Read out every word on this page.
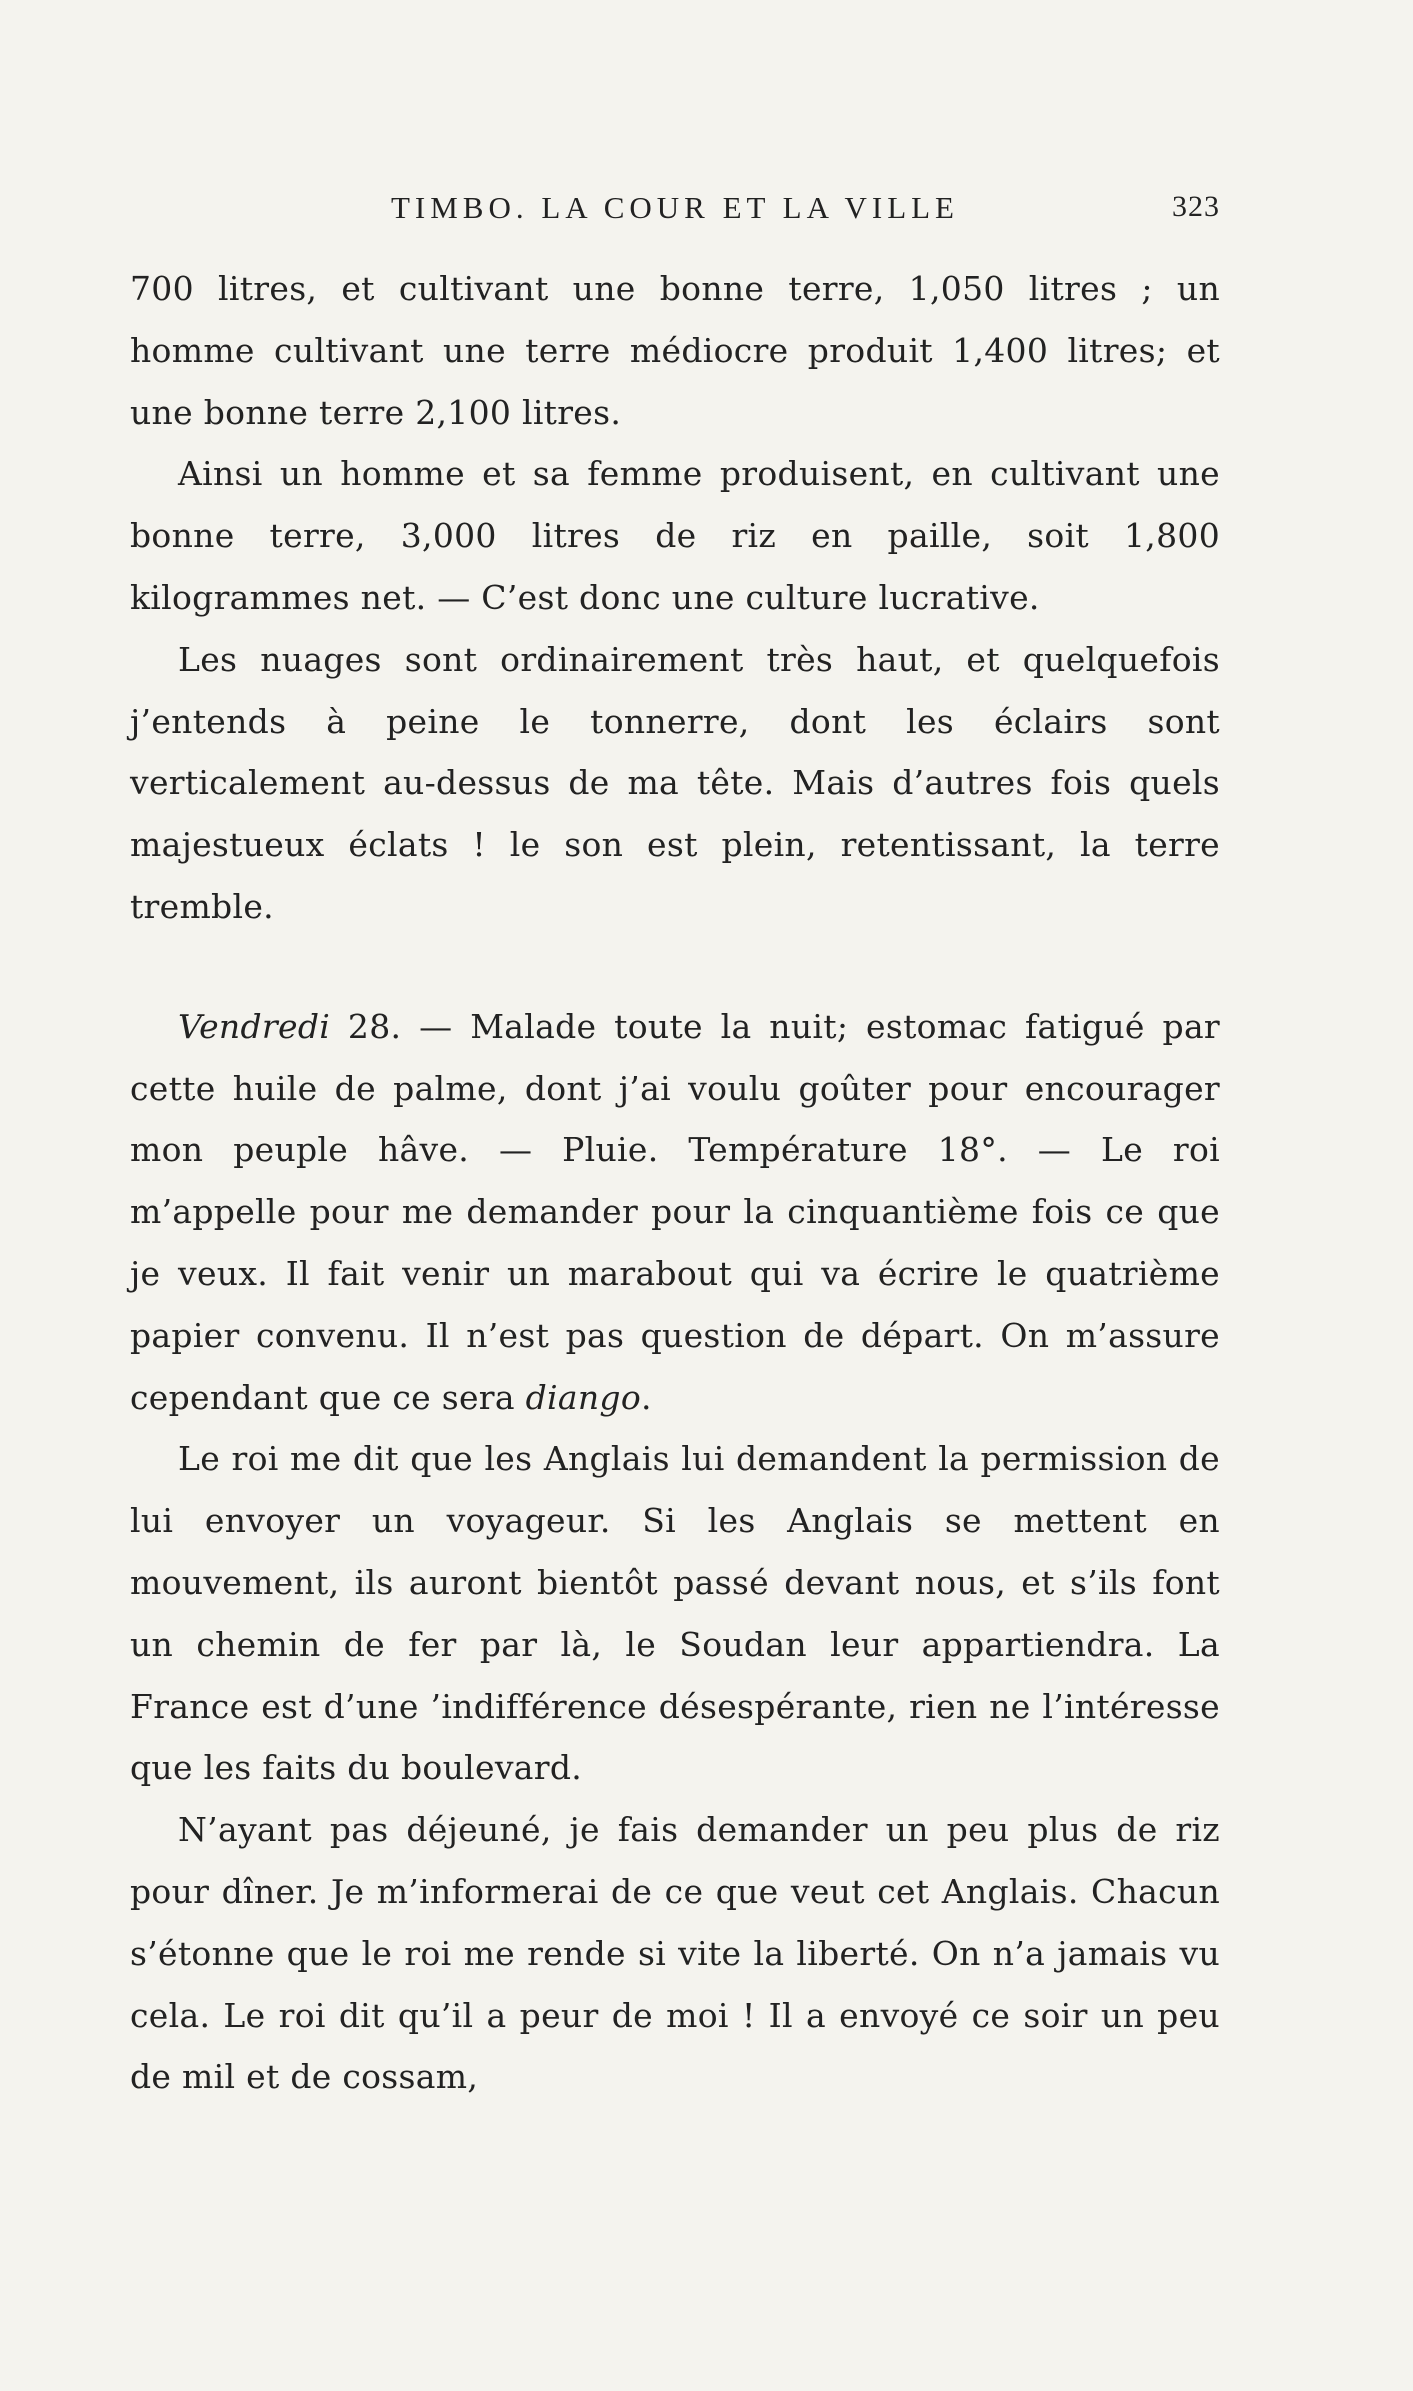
TIMBO. LA COUR ET LA VILLE	323

700 litres, et cultivant une bonne terre, 1,050 litres ; un homme cultivant une terre médiocre produit 1,400 litres; et une bonne terre 2,100 litres.

Ainsi un homme et sa femme produisent, en cultivant une bonne terre, 3,000 litres de riz en paille, soit 1,800 kilogrammes net. — C’est donc une culture lucrative.

Les nuages sont ordinairement très haut, et quelquefois j’entends à peine le tonnerre, dont les éclairs sont verticalement au-dessus de ma tête. Mais d’autres fois quels majestueux éclats ! le son est plein, retentissant, la terre tremble.

Vendredi 28. — Malade toute la nuit; estomac fatigué par cette huile de palme, dont j’ai voulu goûter pour encourager mon peuple hâve. — Pluie. Température 18°. — Le roi m’appelle pour me demander pour la cinquantième fois ce que je veux. Il fait venir un marabout qui va écrire le quatrième papier convenu. Il n’est pas question de départ. On m’assure cependant que ce sera diango.

Le roi me dit que les Anglais lui demandent la permission de lui envoyer un voyageur. Si les Anglais se mettent en mouvement, ils auront bientôt passé devant nous, et s’ils font un chemin de fer par là, le Soudan leur appartiendra. La France est d’une ’indifférence désespérante, rien ne l’intéresse que les faits du boulevard.

N’ayant pas déjeuné, je fais demander un peu plus de riz pour dîner. Je m’informerai de ce que veut cet Anglais. Chacun s’étonne que le roi me rende si vite la liberté. On n’a jamais vu cela. Le roi dit qu’il a peur de moi ! Il a envoyé ce soir un peu de mil et de cossam,
